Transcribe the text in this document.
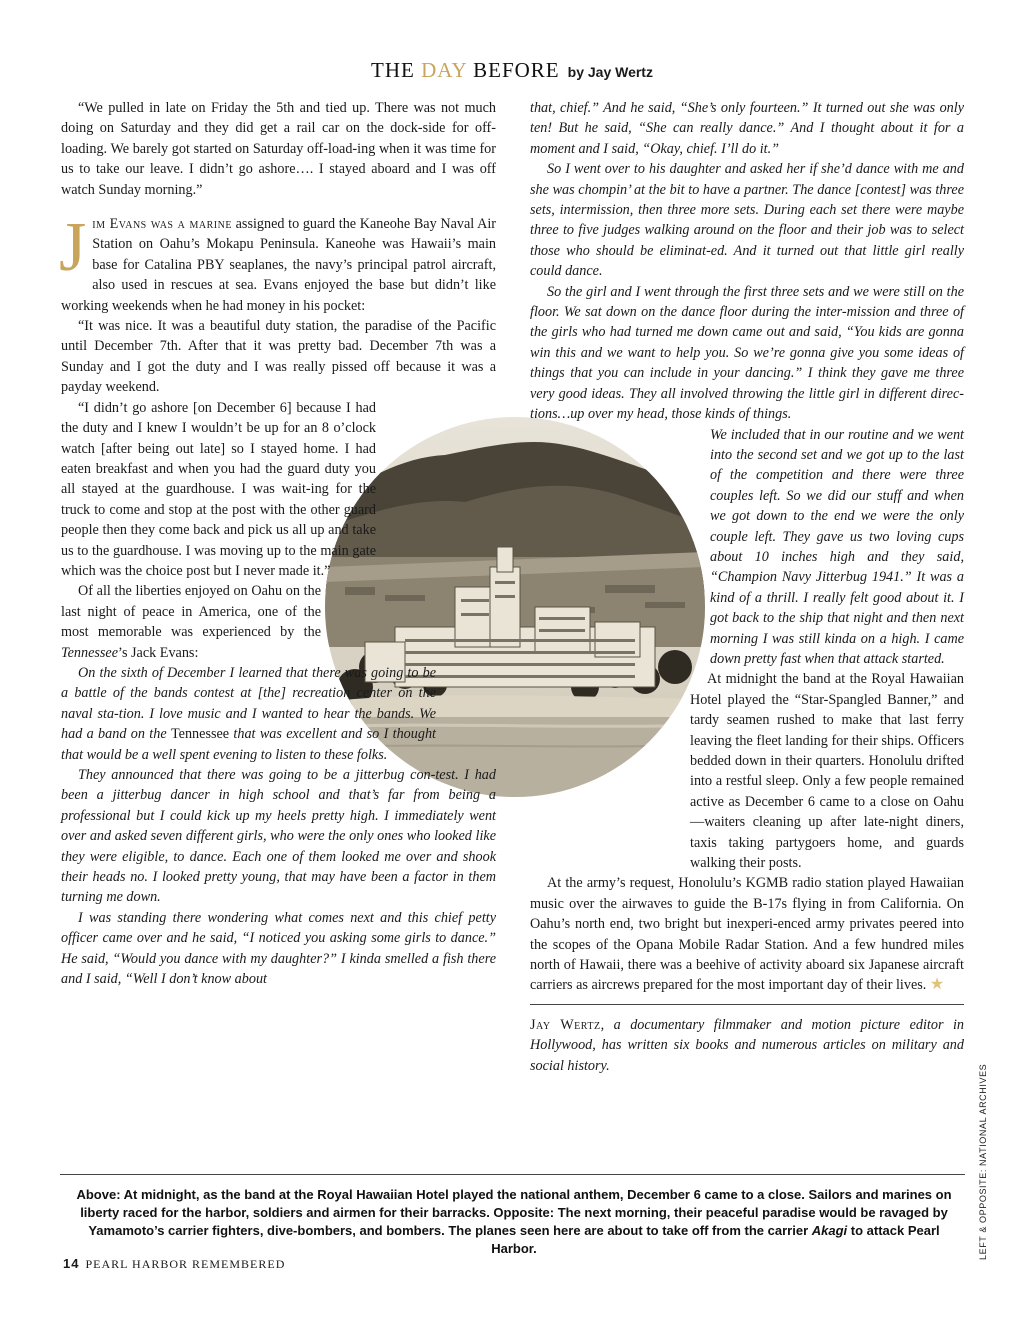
THE DAY BEFORE by Jay Wertz

“We pulled in late on Friday the 5th and tied up. There was not much doing on Saturday and they did get a rail car on the dock-side for off-loading. We barely got started on Saturday off-load-ing when it was time for us to take our leave. I didn’t go ashore…. I stayed aboard and I was off watch Sunday morning.”

Jim Evans was a marine assigned to guard the Kaneohe Bay Naval Air Station on Oahu’s Mokapu Peninsula. Kaneohe was Hawaii’s main base for Catalina PBY seaplanes, the navy’s principal patrol aircraft, also used in rescues at sea. Evans enjoyed the base but didn’t like working weekends when he had money in his pocket:

“It was nice. It was a beautiful duty station, the paradise of the Pacific until December 7th. After that it was pretty bad. December 7th was a Sunday and I got the duty and I was really pissed off because it was a payday weekend.

“I didn’t go ashore [on December 6] because I had the duty and I knew I wouldn’t be up for an 8 o’clock watch [after being out late] so I stayed home. I had eaten breakfast and when you had the guard duty you all stayed at the guardhouse. I was wait-ing for the truck to come and stop at the post with the other guard people then they come back and pick us all up and take us to the guardhouse. I was moving up to the main gate which was the choice post but I never made it.”

Of all the liberties enjoyed on Oahu on the last night of peace in America, one of the most memorable was experienced by the Tennessee’s Jack Evans:

On the sixth of December I learned that there was going to be a battle of the bands contest at [the] recreation center on the naval sta-tion. I love music and I wanted to hear the bands. We had a band on the Tennessee that was excellent and so I thought that would be a well spent evening to listen to these folks.

They announced that there was going to be a jitterbug con-test. I had been a jitterbug dancer in high school and that’s far from being a professional but I could kick up my heels pretty high. I immediately went over and asked seven different girls, who were the only ones who looked like they were eligible, to dance. Each one of them looked me over and shook their heads no. I looked pretty young, that may have been a factor in them turning me down.

I was standing there wondering what comes next and this chief petty officer came over and he said, “I noticed you asking some girls to dance.” He said, “Would you dance with my daughter?” I kinda smelled a fish there and I said, “Well I don’t know about

that, chief.” And he said, “She’s only fourteen.” It turned out she was only ten! But he said, “She can really dance.” And I thought about it for a moment and I said, “Okay, chief. I’ll do it.”

So I went over to his daughter and asked her if she’d dance with me and she was chompin’ at the bit to have a partner. The dance [contest] was three sets, intermission, then three more sets. During each set there were maybe three to five judges walking around on the floor and their job was to select those who should be eliminat-ed. And it turned out that little girl really could dance.

So the girl and I went through the first three sets and we were still on the floor. We sat down on the dance floor during the inter-mission and three of the girls who had turned me down came out and said, “You kids are gonna win this and we want to help you. So we’re gonna give you some ideas of things that you can include in your dancing.” I think they gave me three very good ideas. They all involved throwing the little girl in different direc-tions…up over my head, those kinds of things.

We included that in our routine and we went into the second set and we got up to the last of the competition and there were three couples left. So we did our stuff and when we got down to the end we were the only couple left. They gave us two loving cups about 10 inches high and they said, “Champion Navy Jitterbug 1941.” It was a kind of a thrill. I really felt good about it. I got back to the ship that night and then next morning I was still kinda on a high. I came down pretty fast when that attack started.

At midnight the band at the Royal Hawaiian Hotel played the “Star-Spangled Banner,” and tardy seamen rushed to make that last ferry leaving the fleet landing for their ships. Officers bedded down in their quarters. Honolulu drifted into a restful sleep. Only a few people remained active as December 6 came to a close on Oahu—waiters cleaning up after late-night diners, taxis taking partygoers home, and guards walking their posts.

At the army’s request, Honolulu’s KGMB radio station played Hawaiian music over the airwaves to guide the B-17s flying in from California. On Oahu’s north end, two bright but inexperi-enced army privates peered into the scopes of the Opana Mobile Radar Station. And a few hundred miles north of Hawaii, there was a beehive of activity aboard six Japanese aircraft carriers as aircrews prepared for the most important day of their lives. ★

Jay Wertz, a documentary filmmaker and motion picture editor in Hollywood, has written six books and numerous articles on military and social history.

Above: At midnight, as the band at the Royal Hawaiian Hotel played the national anthem, December 6 came to a close. Sailors and marines on liberty raced for the harbor, soldiers and airmen for their barracks. Opposite: The next morning, their peaceful paradise would be ravaged by Yamamoto’s carrier fighters, dive-bombers, and bombers. The planes seen here are about to take off from the carrier Akagi to attack Pearl Harbor.	LEFT & OPPOSITE: NATIONAL ARCHIVES
14 PEARL HARBOR REMEMBERED
